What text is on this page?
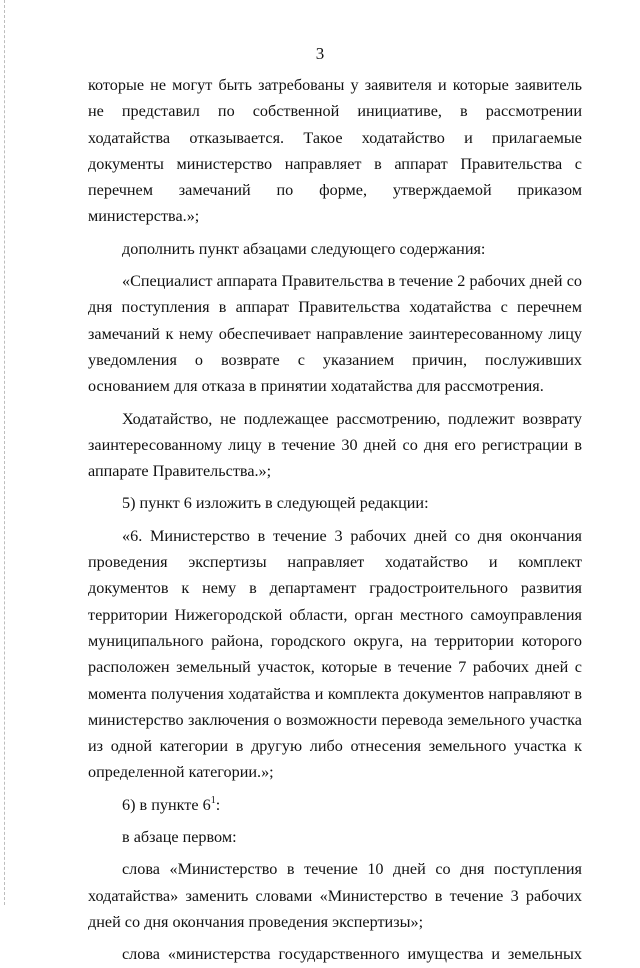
3

которые не могут быть затребованы у заявителя и которые заявитель не представил по собственной инициативе, в рассмотрении ходатайства отказывается. Такое ходатайство и прилагаемые документы министерство направляет в аппарат Правительства с перечнем замечаний по форме, утверждаемой приказом министерства.»;

дополнить пункт абзацами следующего содержания:

«Специалист аппарата Правительства в течение 2 рабочих дней со дня поступления в аппарат Правительства ходатайства с перечнем замечаний к нему обеспечивает направление заинтересованному лицу уведомления о возврате с указанием причин, послуживших основанием для отказа в принятии ходатайства для рассмотрения.

Ходатайство, не подлежащее рассмотрению, подлежит возврату заинтересованному лицу в течение 30 дней со дня его регистрации в аппарате Правительства.»;

5) пункт 6 изложить в следующей редакции:

«6. Министерство в течение 3 рабочих дней со дня окончания проведения экспертизы направляет ходатайство и комплект документов к нему в департамент градостроительного развития территории Нижегородской области, орган местного самоуправления муниципального района, городского округа, на территории которого расположен земельный участок, которые в течение 7 рабочих дней с момента получения ходатайства и комплекта документов направляют в министерство заключения о возможности перевода земельного участка из одной категории в другую либо отнесения земельного участка к определенной категории.»;

6) в пункте $6^1$:

в абзаце первом:

слова «Министерство в течение 10 дней со дня поступления ходатайства» заменить словами «Министерство в течение 3 рабочих дней со дня окончания проведения экспертизы»;

слова «министерства государственного имущества и земельных
